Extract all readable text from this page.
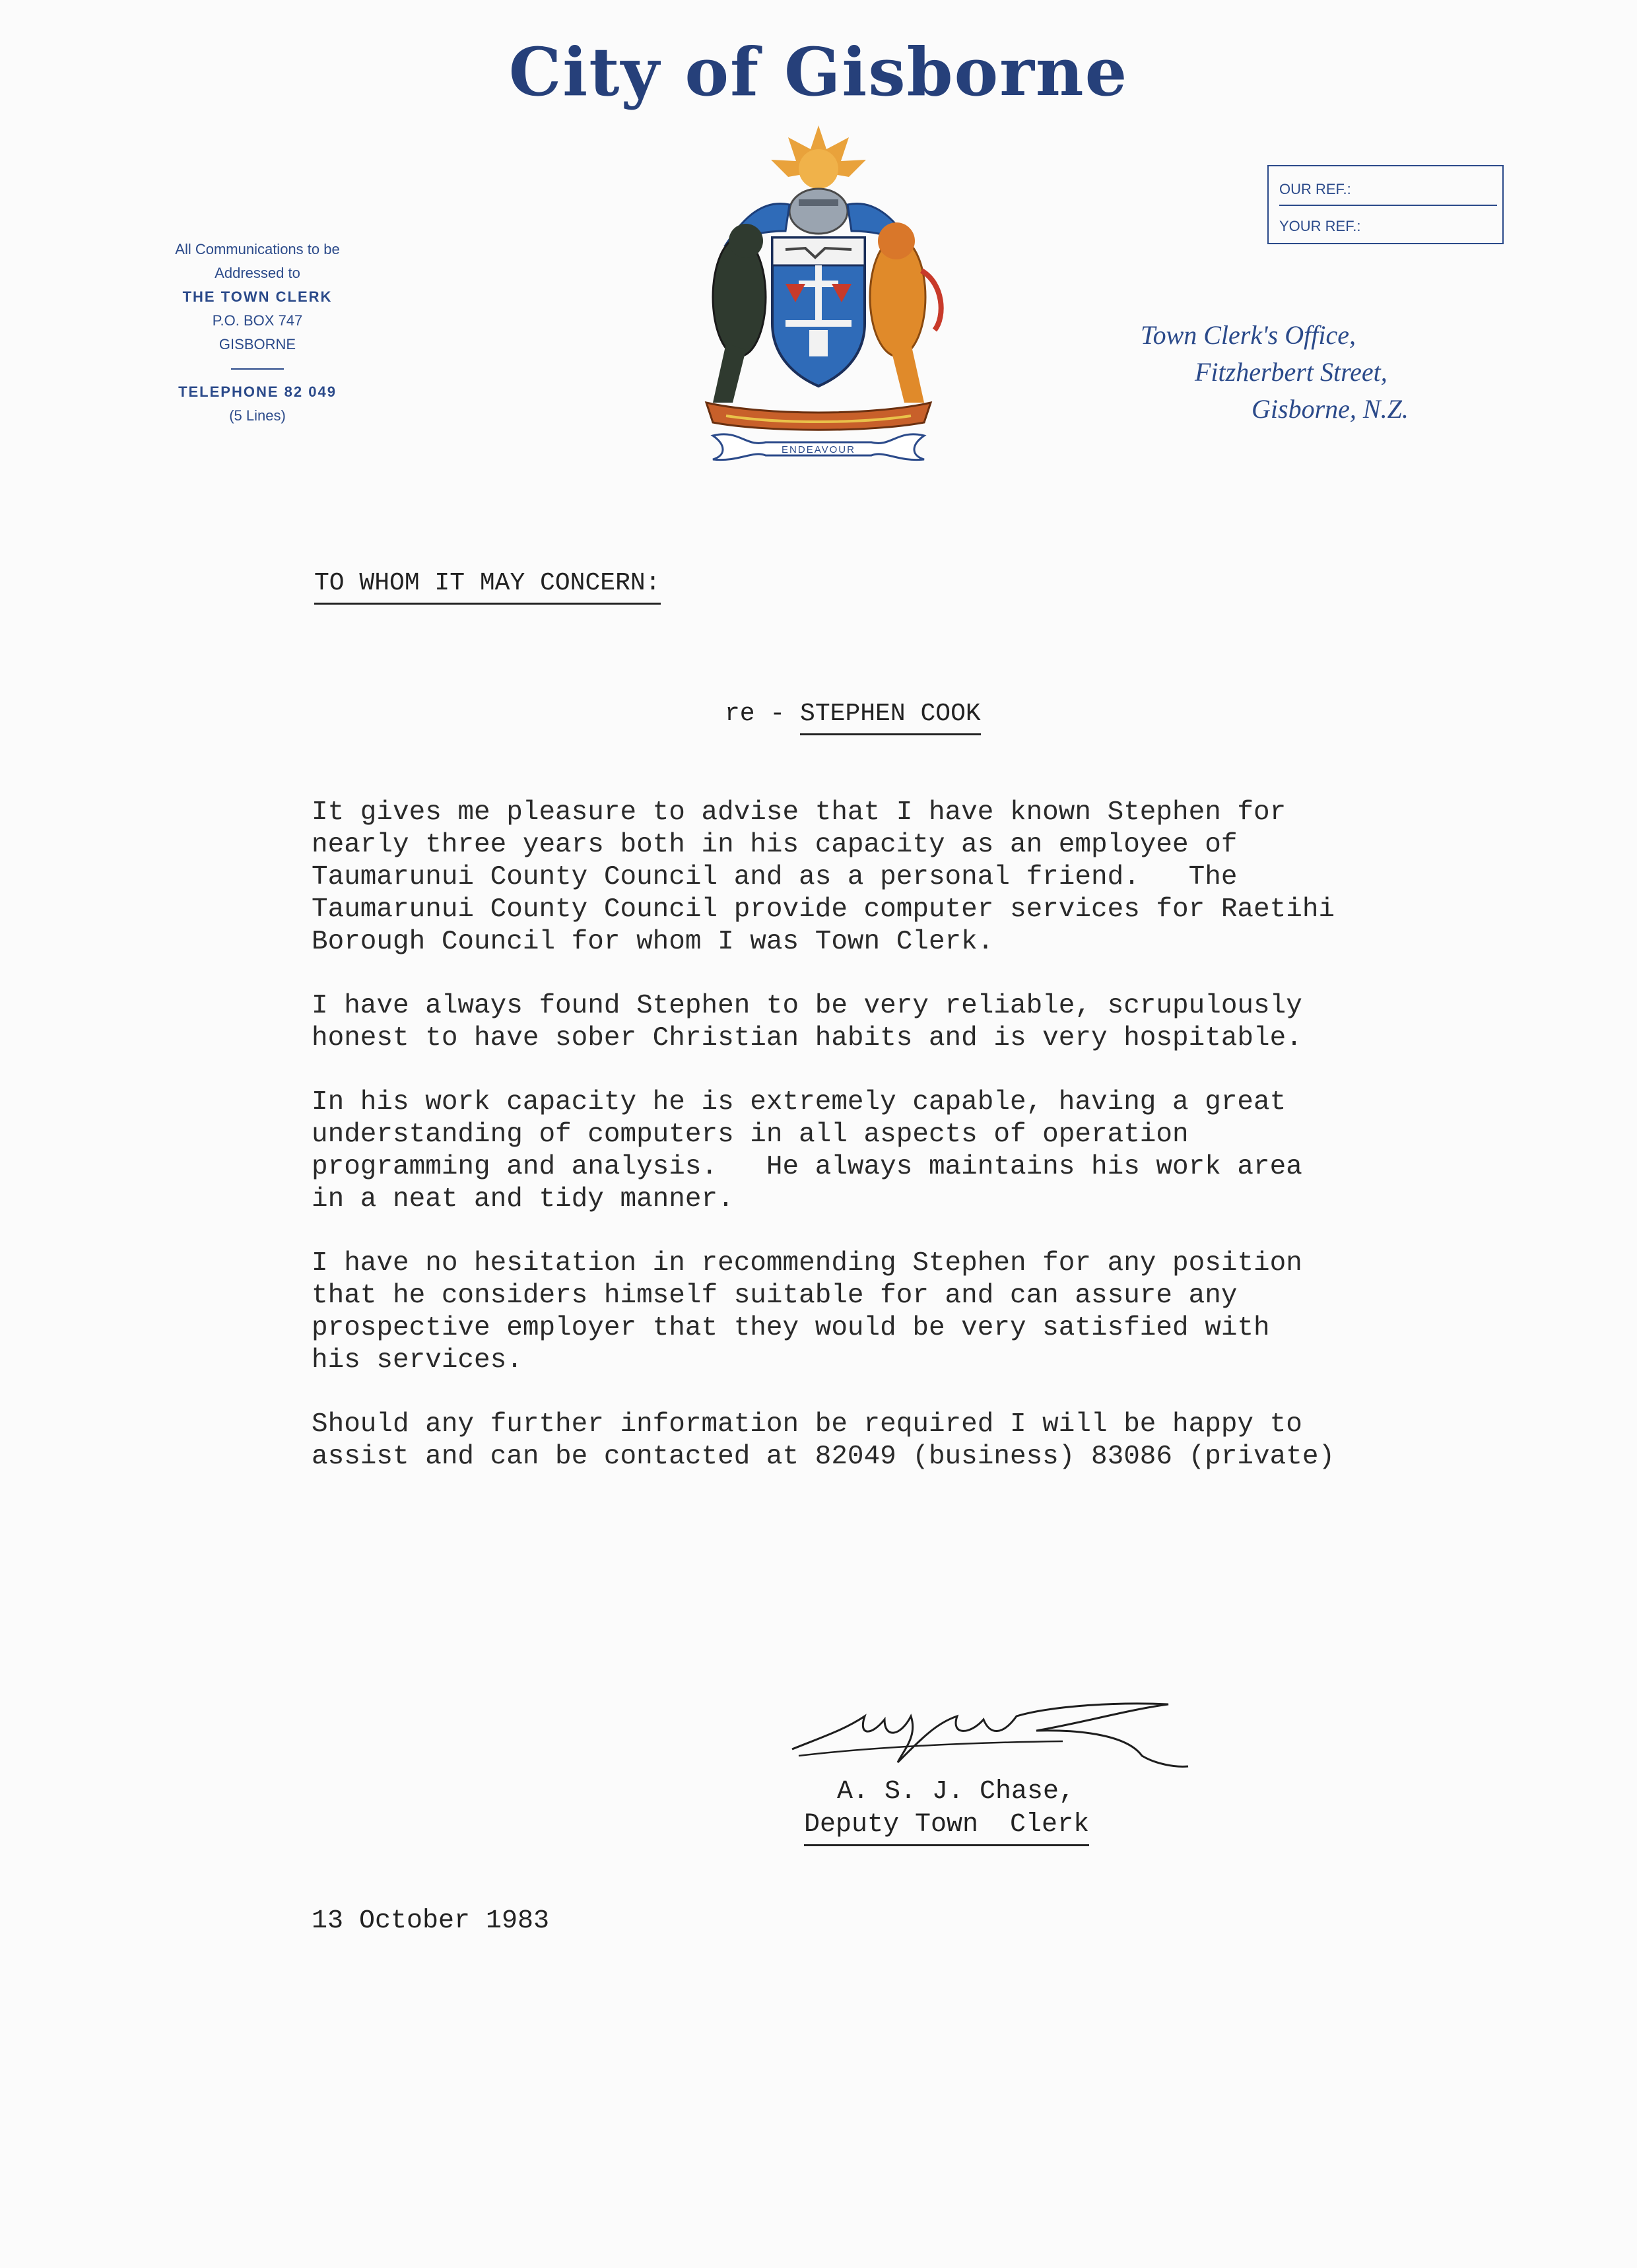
City of Gisborne
ENDEAVOUR
All Communications to be
Addressed to
THE TOWN CLERK
P.O. BOX 747
GISBORNE
TELEPHONE 82 049
(5 Lines)
OUR REF.:
YOUR REF.:
Town Clerk's Office,
Fitzherbert Street,
Gisborne, N.Z.
TO WHOM IT MAY CONCERN:
re - STEPHEN COOK

It gives me pleasure to advise that I have known Stephen for
nearly three years both in his capacity as an employee of
Taumarunui County Council and as a personal friend.   The
Taumarunui County Council provide computer services for Raetihi
Borough Council for whom I was Town Clerk.

I have always found Stephen to be very reliable, scrupulously
honest to have sober Christian habits and is very hospitable.

In his work capacity he is extremely capable, having a great
understanding of computers in all aspects of operation
programming and analysis.   He always maintains his work area
in a neat and tidy manner.

I have no hesitation in recommending Stephen for any position
that he considers himself suitable for and can assure any
prospective employer that they would be very satisfied with
his services.

Should any further information be required I will be happy to
assist and can be contacted at 82049 (business) 83086 (private)

A. S. J. Chase,
Deputy Town  Clerk
13 October 1983
